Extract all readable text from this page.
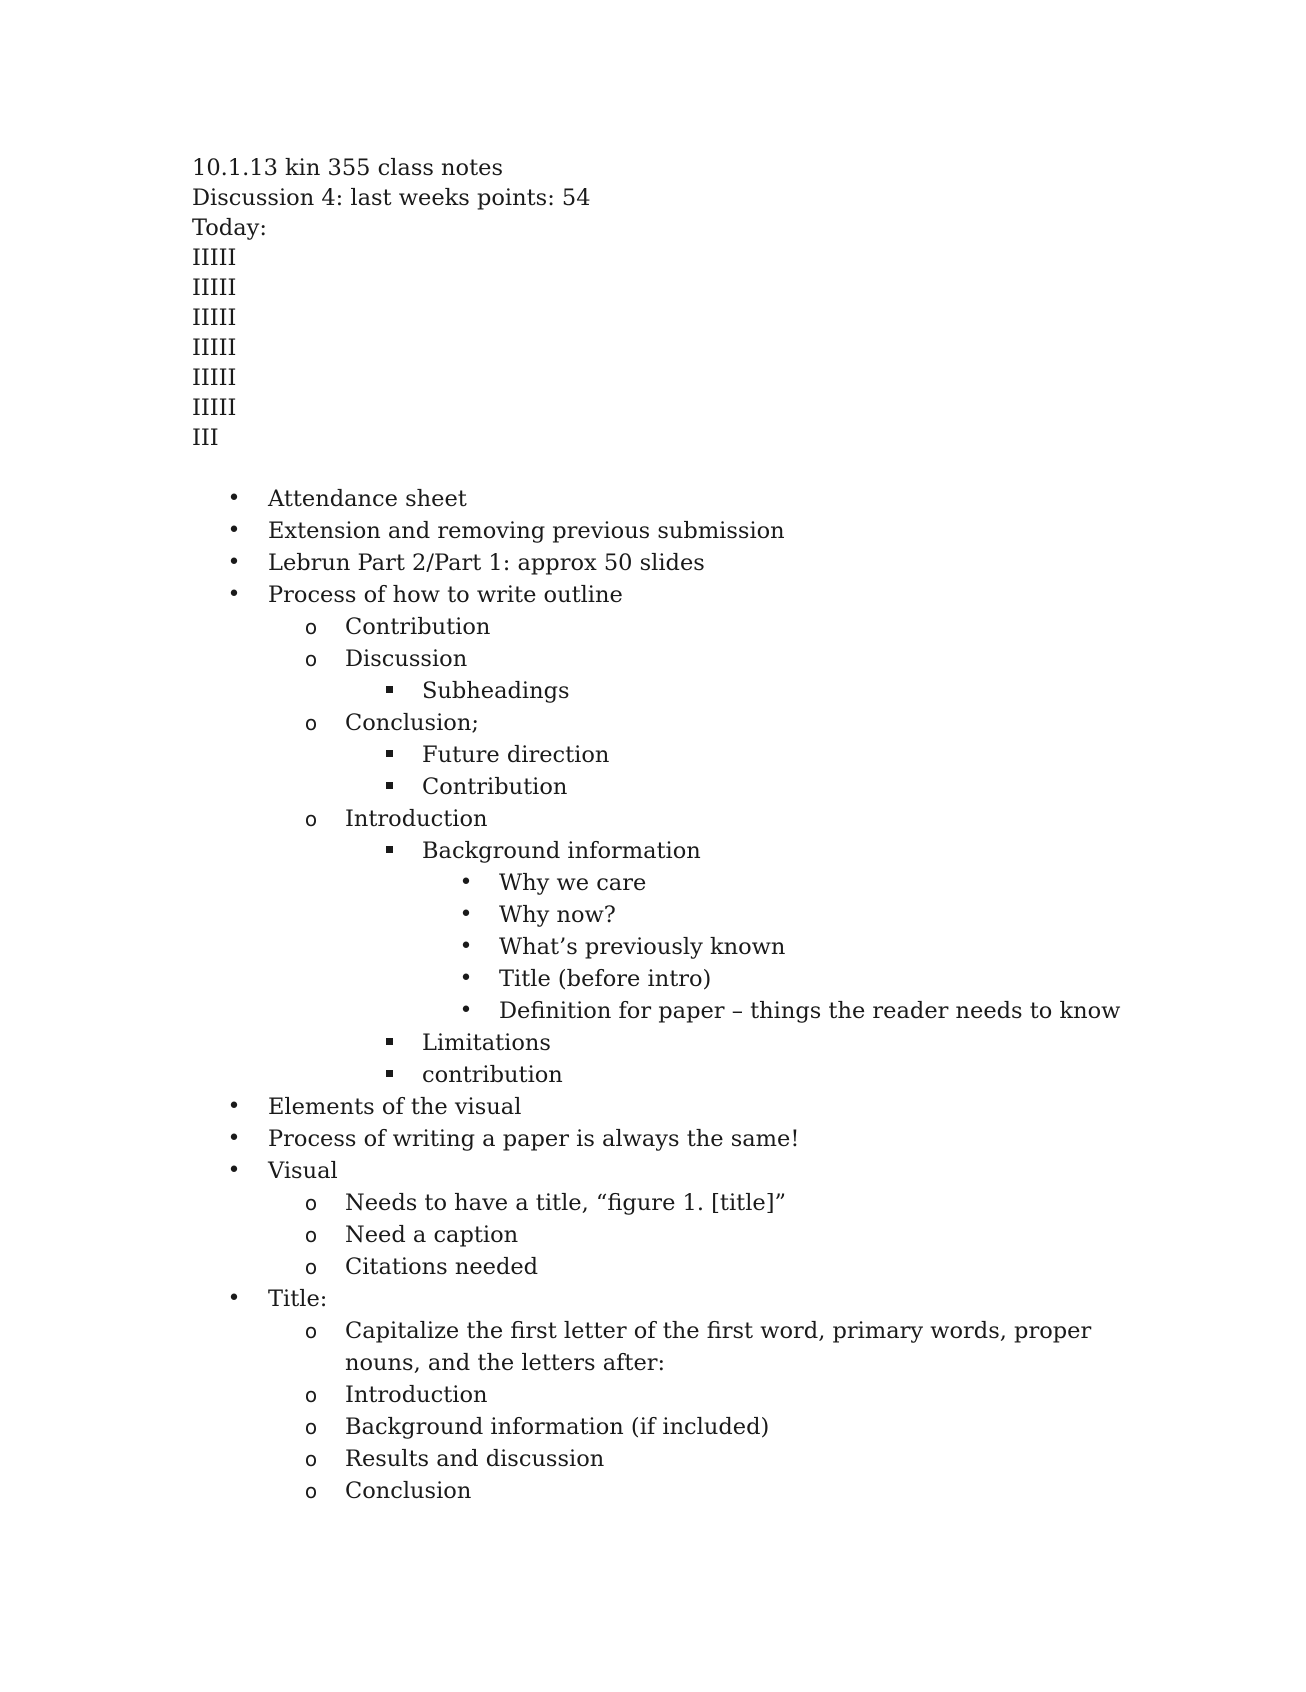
10.1.13 kin 355 class notes
Discussion 4: last weeks points: 54
Today:
IIIII
IIIII
IIIII
IIIII
IIIII
IIIII
III
• Attendance sheet
• Extension and removing previous submission
• Lebrun Part 2/Part 1: approx 50 slides
• Process of how to write outline
o Contribution
o Discussion
Subheadings
o Conclusion;
Future direction
Contribution
o Introduction
Background information
• Why we care
• Why now?
• What’s previously known
• Title (before intro)
• Definition for paper – things the reader needs to know
Limitations
contribution
• Elements of the visual
• Process of writing a paper is always the same!
• Visual
o Needs to have a title, “figure 1. [title]”
o Need a caption
o Citations needed
• Title:
o Capitalize the first letter of the first word, primary words, proper nouns, and the letters after:
o Introduction
o Background information (if included)
o Results and discussion
o Conclusion
